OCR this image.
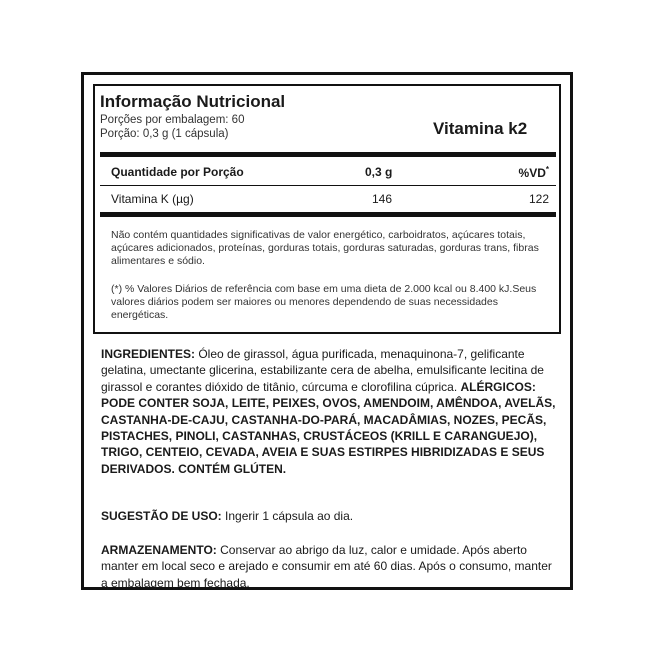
Informação Nutricional
Porções por embalagem: 60
Porção: 0,3 g (1 cápsula)	Vitamina k2
Quantidade por Porção	0,3 g	%VD*
Vitamina K (µg)	146	122
Não contém quantidades significativas de valor energético, carboidratos, açúcares totais, açúcares adicionados, proteínas, gorduras totais, gorduras saturadas, gorduras trans, fibras alimentares e sódio.
(*) % Valores Diários de referência com base em uma dieta de 2.000 kcal ou 8.400 kJ.Seus valores diários podem ser maiores ou menores dependendo de suas necessidades energéticas.
INGREDIENTES: Óleo de girassol, água purificada, menaquinona-7, gelificante gelatina, umectante glicerina, estabilizante cera de abelha, emulsificante lecitina de girassol e corantes dióxido de titânio, cúrcuma e clorofilina cúprica. ALÉRGICOS: PODE CONTER SOJA, LEITE, PEIXES, OVOS, AMENDOIM, AMÊNDOA, AVELÃS, CASTANHA-DE-CAJU, CASTANHA-DO-PARÁ, MACADÂMIAS, NOZES, PECÃS, PISTACHES, PINOLI, CASTANHAS, CRUSTÁCEOS (KRILL E CARANGUEJO), TRIGO, CENTEIO, CEVADA, AVEIA E SUAS ESTIRPES HIBRIDIZADAS E SEUS DERIVADOS. CONTÉM GLÚTEN.
SUGESTÃO DE USO: Ingerir 1 cápsula ao dia.
ARMAZENAMENTO: Conservar ao abrigo da luz, calor e umidade. Após aberto manter em local seco e arejado e consumir em até 60 dias. Após o consumo, manter a embalagem bem fechada.
